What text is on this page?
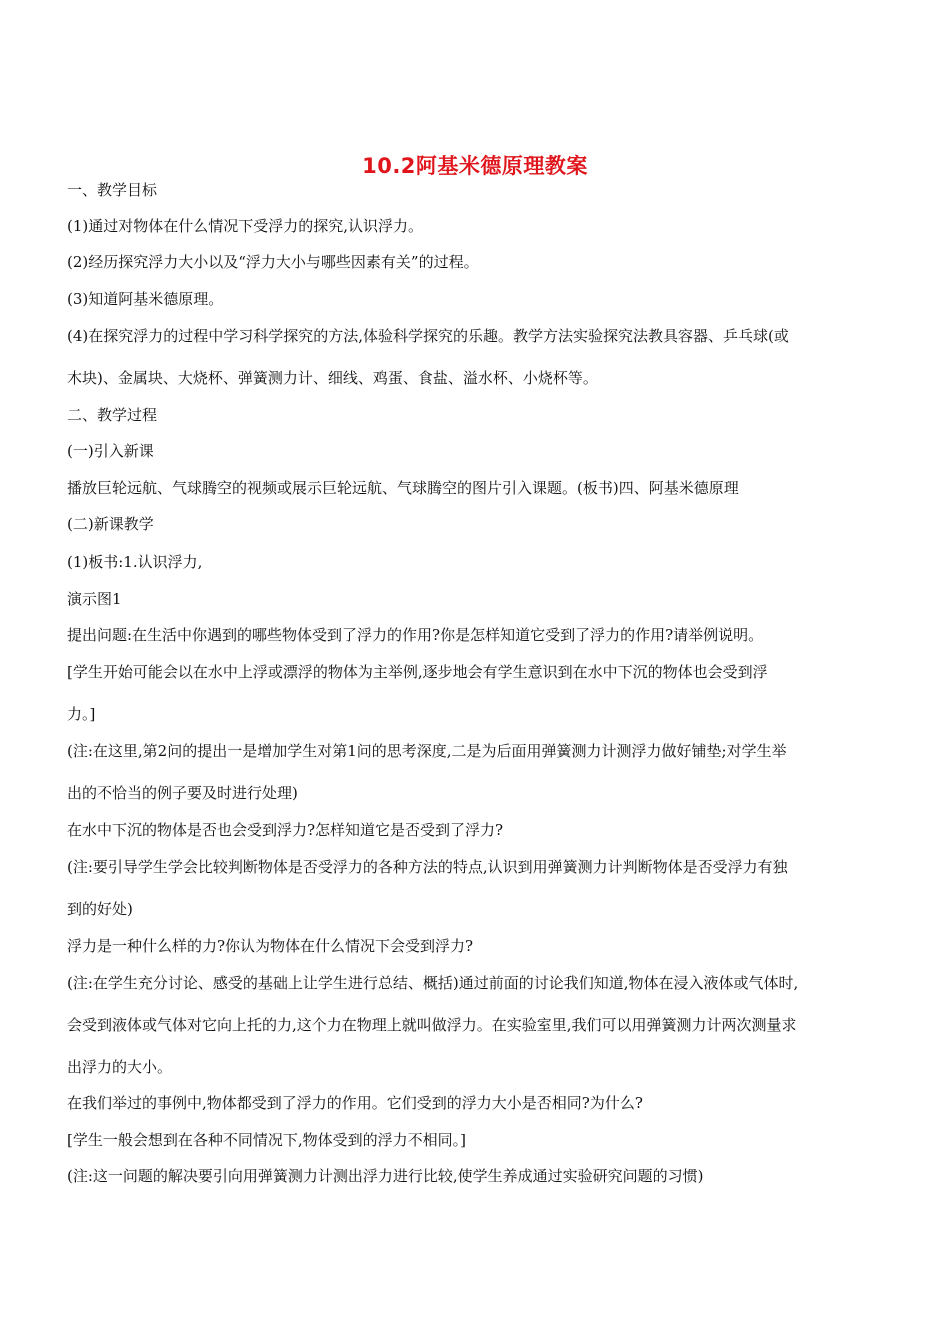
10.2阿基米德原理教案
一、教学目标
(1)通过对物体在什么情况下受浮力的探究,认识浮力。
(2)经历探究浮力大小以及“浮力大小与哪些因素有关”的过程。
(3)知道阿基米德原理。
(4)在探究浮力的过程中学习科学探究的方法,体验科学探究的乐趣。教学方法实验探究法教具容器、乒乓球(或
木块)、金属块、大烧杯、弹簧测力计、细线、鸡蛋、食盐、溢水杯、小烧杯等。
二、教学过程
(一)引入新课
播放巨轮远航、气球腾空的视频或展示巨轮远航、气球腾空的图片引入课题。(板书)四、阿基米德原理
(二)新课教学
(1)板书:1.认识浮力,
演示图1
提出问题:在生活中你遇到的哪些物体受到了浮力的作用?你是怎样知道它受到了浮力的作用?请举例说明。
[学生开始可能会以在水中上浮或漂浮的物体为主举例,逐步地会有学生意识到在水中下沉的物体也会受到浮
力。]
(注:在这里,第2问的提出一是增加学生对第1问的思考深度,二是为后面用弹簧测力计测浮力做好铺垫;对学生举
出的不恰当的例子要及时进行处理)
在水中下沉的物体是否也会受到浮力?怎样知道它是否受到了浮力?
(注:要引导学生学会比较判断物体是否受浮力的各种方法的特点,认识到用弹簧测力计判断物体是否受浮力有独
到的好处)
浮力是一种什么样的力?你认为物体在什么情况下会受到浮力?
(注:在学生充分讨论、感受的基础上让学生进行总结、概括)通过前面的讨论我们知道,物体在浸入液体或气体时,
会受到液体或气体对它向上托的力,这个力在物理上就叫做浮力。在实验室里,我们可以用弹簧测力计两次测量求
出浮力的大小。
在我们举过的事例中,物体都受到了浮力的作用。它们受到的浮力大小是否相同?为什么?
[学生一般会想到在各种不同情况下,物体受到的浮力不相同。]
(注:这一问题的解决要引向用弹簧测力计测出浮力进行比较,使学生养成通过实验研究问题的习惯)
